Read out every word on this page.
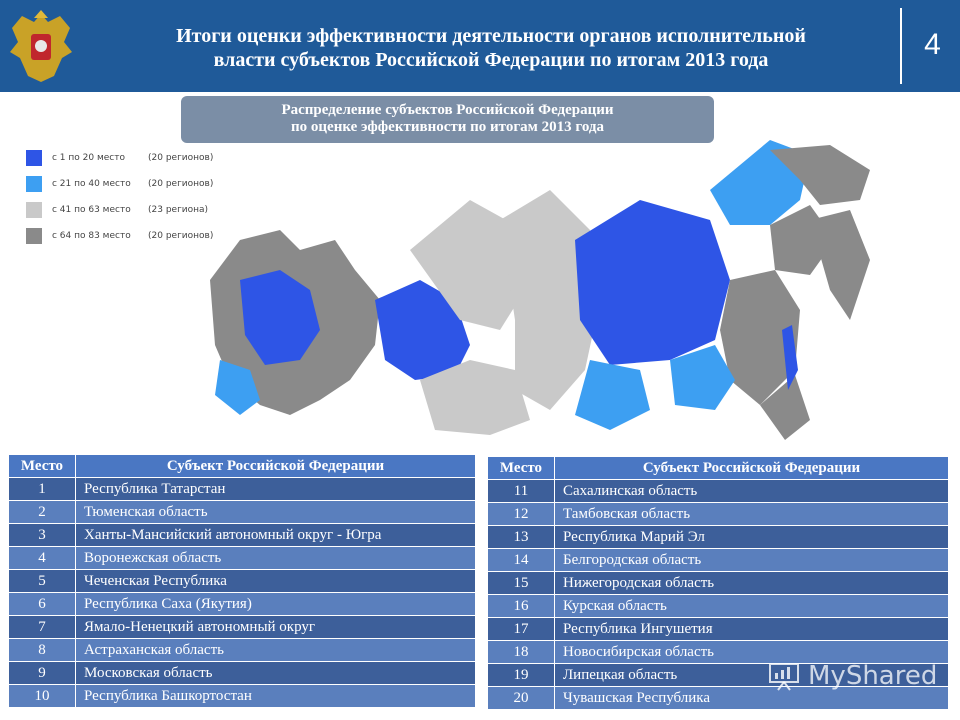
Итоги оценки эффективности деятельности органов исполнительной
власти субъектов Российской Федерации по итогам 2013 года	4
Распределение субъектов Российской Федерации
по оценке эффективности по итогам 2013 года
с 1 по 20 место	(20 регионов)
с 21 по 40 место (20 регионов)
с 41 по 63 место (23 региона)
с 64 по 83 место (20 регионов)
Место	Субъект Российской Федерации
1	Республика Татарстан
2	Тюменская область
3	Ханты-Мансийский автономный округ - Югра
4	Воронежская область
5	Чеченская Республика
6	Республика Саха (Якутия)
7	Ямало-Ненецкий автономный округ
8	Астраханская область
9	Московская область
10	Республика Башкортостан
Место	Субъект Российской Федерации
11	Сахалинская область
12	Тамбовская область
13	Республика Марий Эл
14	Белгородская область
15	Нижегородская область
16	Курская область
17	Республика Ингушетия
18	Новосибирская область
19	Липецкая область
20	Чувашская Республика
MyShared
